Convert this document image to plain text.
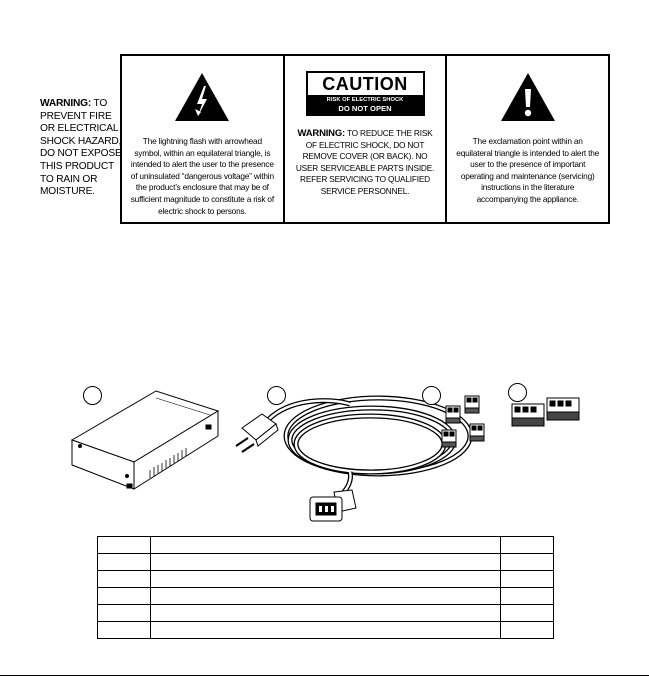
WARNING: TO PREVENT FIRE OR ELECTRICAL SHOCK HAZARD, DO NOT EXPOSE THIS PRODUCT TO RAIN OR MOISTURE.
The lightning flash with arrowhead symbol, within an equilateral triangle, is intended to alert the user to the presence of uninsulated “dangerous voltage” within the product’s enclosure that may be of sufficient magnitude to constitute a risk of electric shock to persons.
CAUTION
RISK OF ELECTRIC SHOCK
DO NOT OPEN
WARNING: TO REDUCE THE RISK OF ELECTRIC SHOCK, DO NOT REMOVE COVER (OR BACK). NO USER SERVICEABLE PARTS INSIDE. REFER SERVICING TO QUALIFIED SERVICE PERSONNEL.
The exclamation point within an equilateral triangle is intended to alert the user to the presence of important operating and maintenance (servicing) instructions in the literature accompanying the appliance.
